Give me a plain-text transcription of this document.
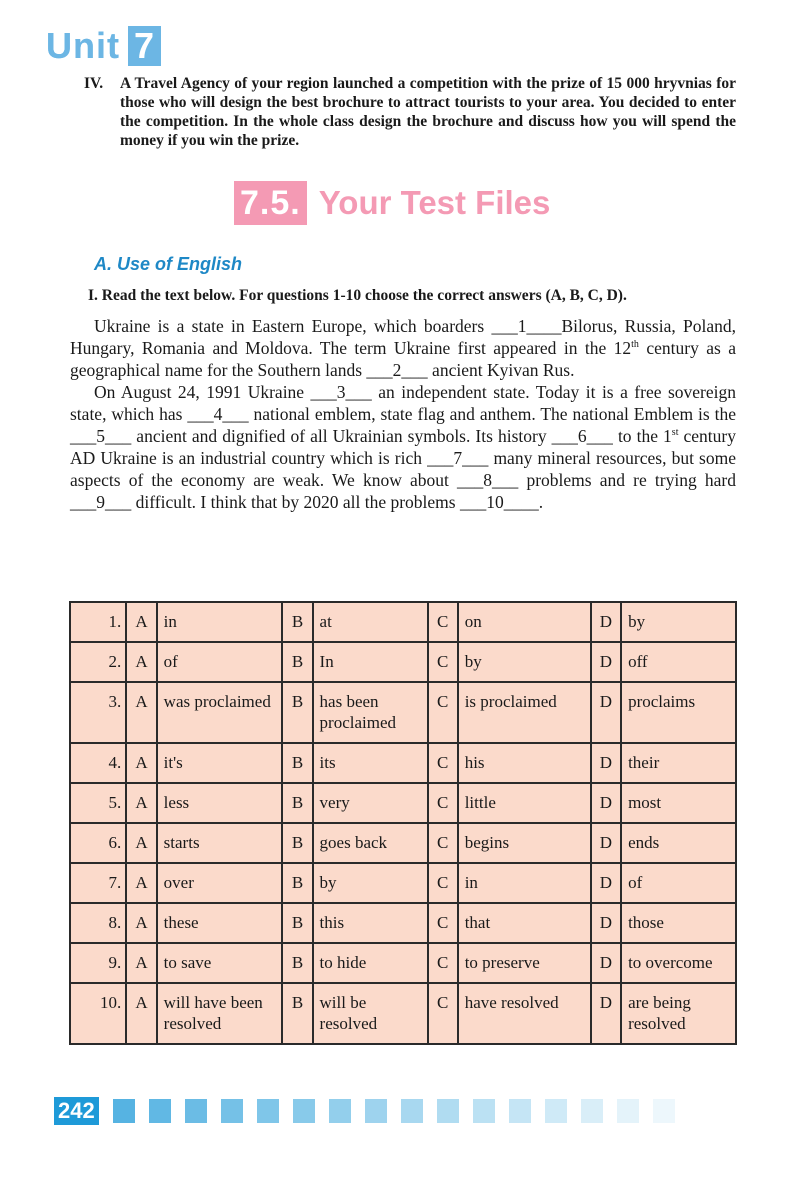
Unit 7
IV.	A Travel Agency of your region launched a competition with the prize of 15 000 hryvnias for those who will design the best brochure to attract tourists to your area. You decided to enter the competition. In the whole class design the brochure and discuss how you will spend the money if you win the prize.

7.5. Your Test Files
A. Use of English
I. Read the text below. For questions 1-10 choose the correct answers (A, B, C, D).

Ukraine is a state in Eastern Europe, which boarders ___1____Bilorus, Russia, Poland, Hungary, Romania and Moldova. The term Ukraine first appeared in the 12th century as a geographical name for the Southern lands ___2___ ancient Kyivan Rus.

On August 24, 1991 Ukraine ___3___ an independent state. Today it is a free sovereign state, which has ___4___ national emblem, state flag and anthem. The national Emblem is the ___5___ ancient and dignified of all Ukrainian symbols. Its history ___6___ to the 1st century AD Ukraine is an industrial country which is rich ___7___ many mineral resources, but some aspects of the economy are weak. We know about ___8___ problems and re trying hard ___9___ difficult. I think that by 2020 all the problems ___10____.

1.	A	in	B	at	C	on	D	by
2.	A	of	B	In	C	by	D	off
3.	A	was proclaimed	B	has been proclaimed	C	is proclaimed	D	proclaims
4.	A	it's	B	its	C	his	D	their
5.	A	less	B	very	C	little	D	most
6.	A	starts	B	goes back	C	begins	D	ends
7.	A	over	B	by	C	in	D	of
8.	A	these	B	this	C	that	D	those
9.	A	to save	B	to hide	C	to preserve	D	to overcome
10.	A	will have been resolved	B	will be resolved	C	have resolved	D	are being resolved
242
